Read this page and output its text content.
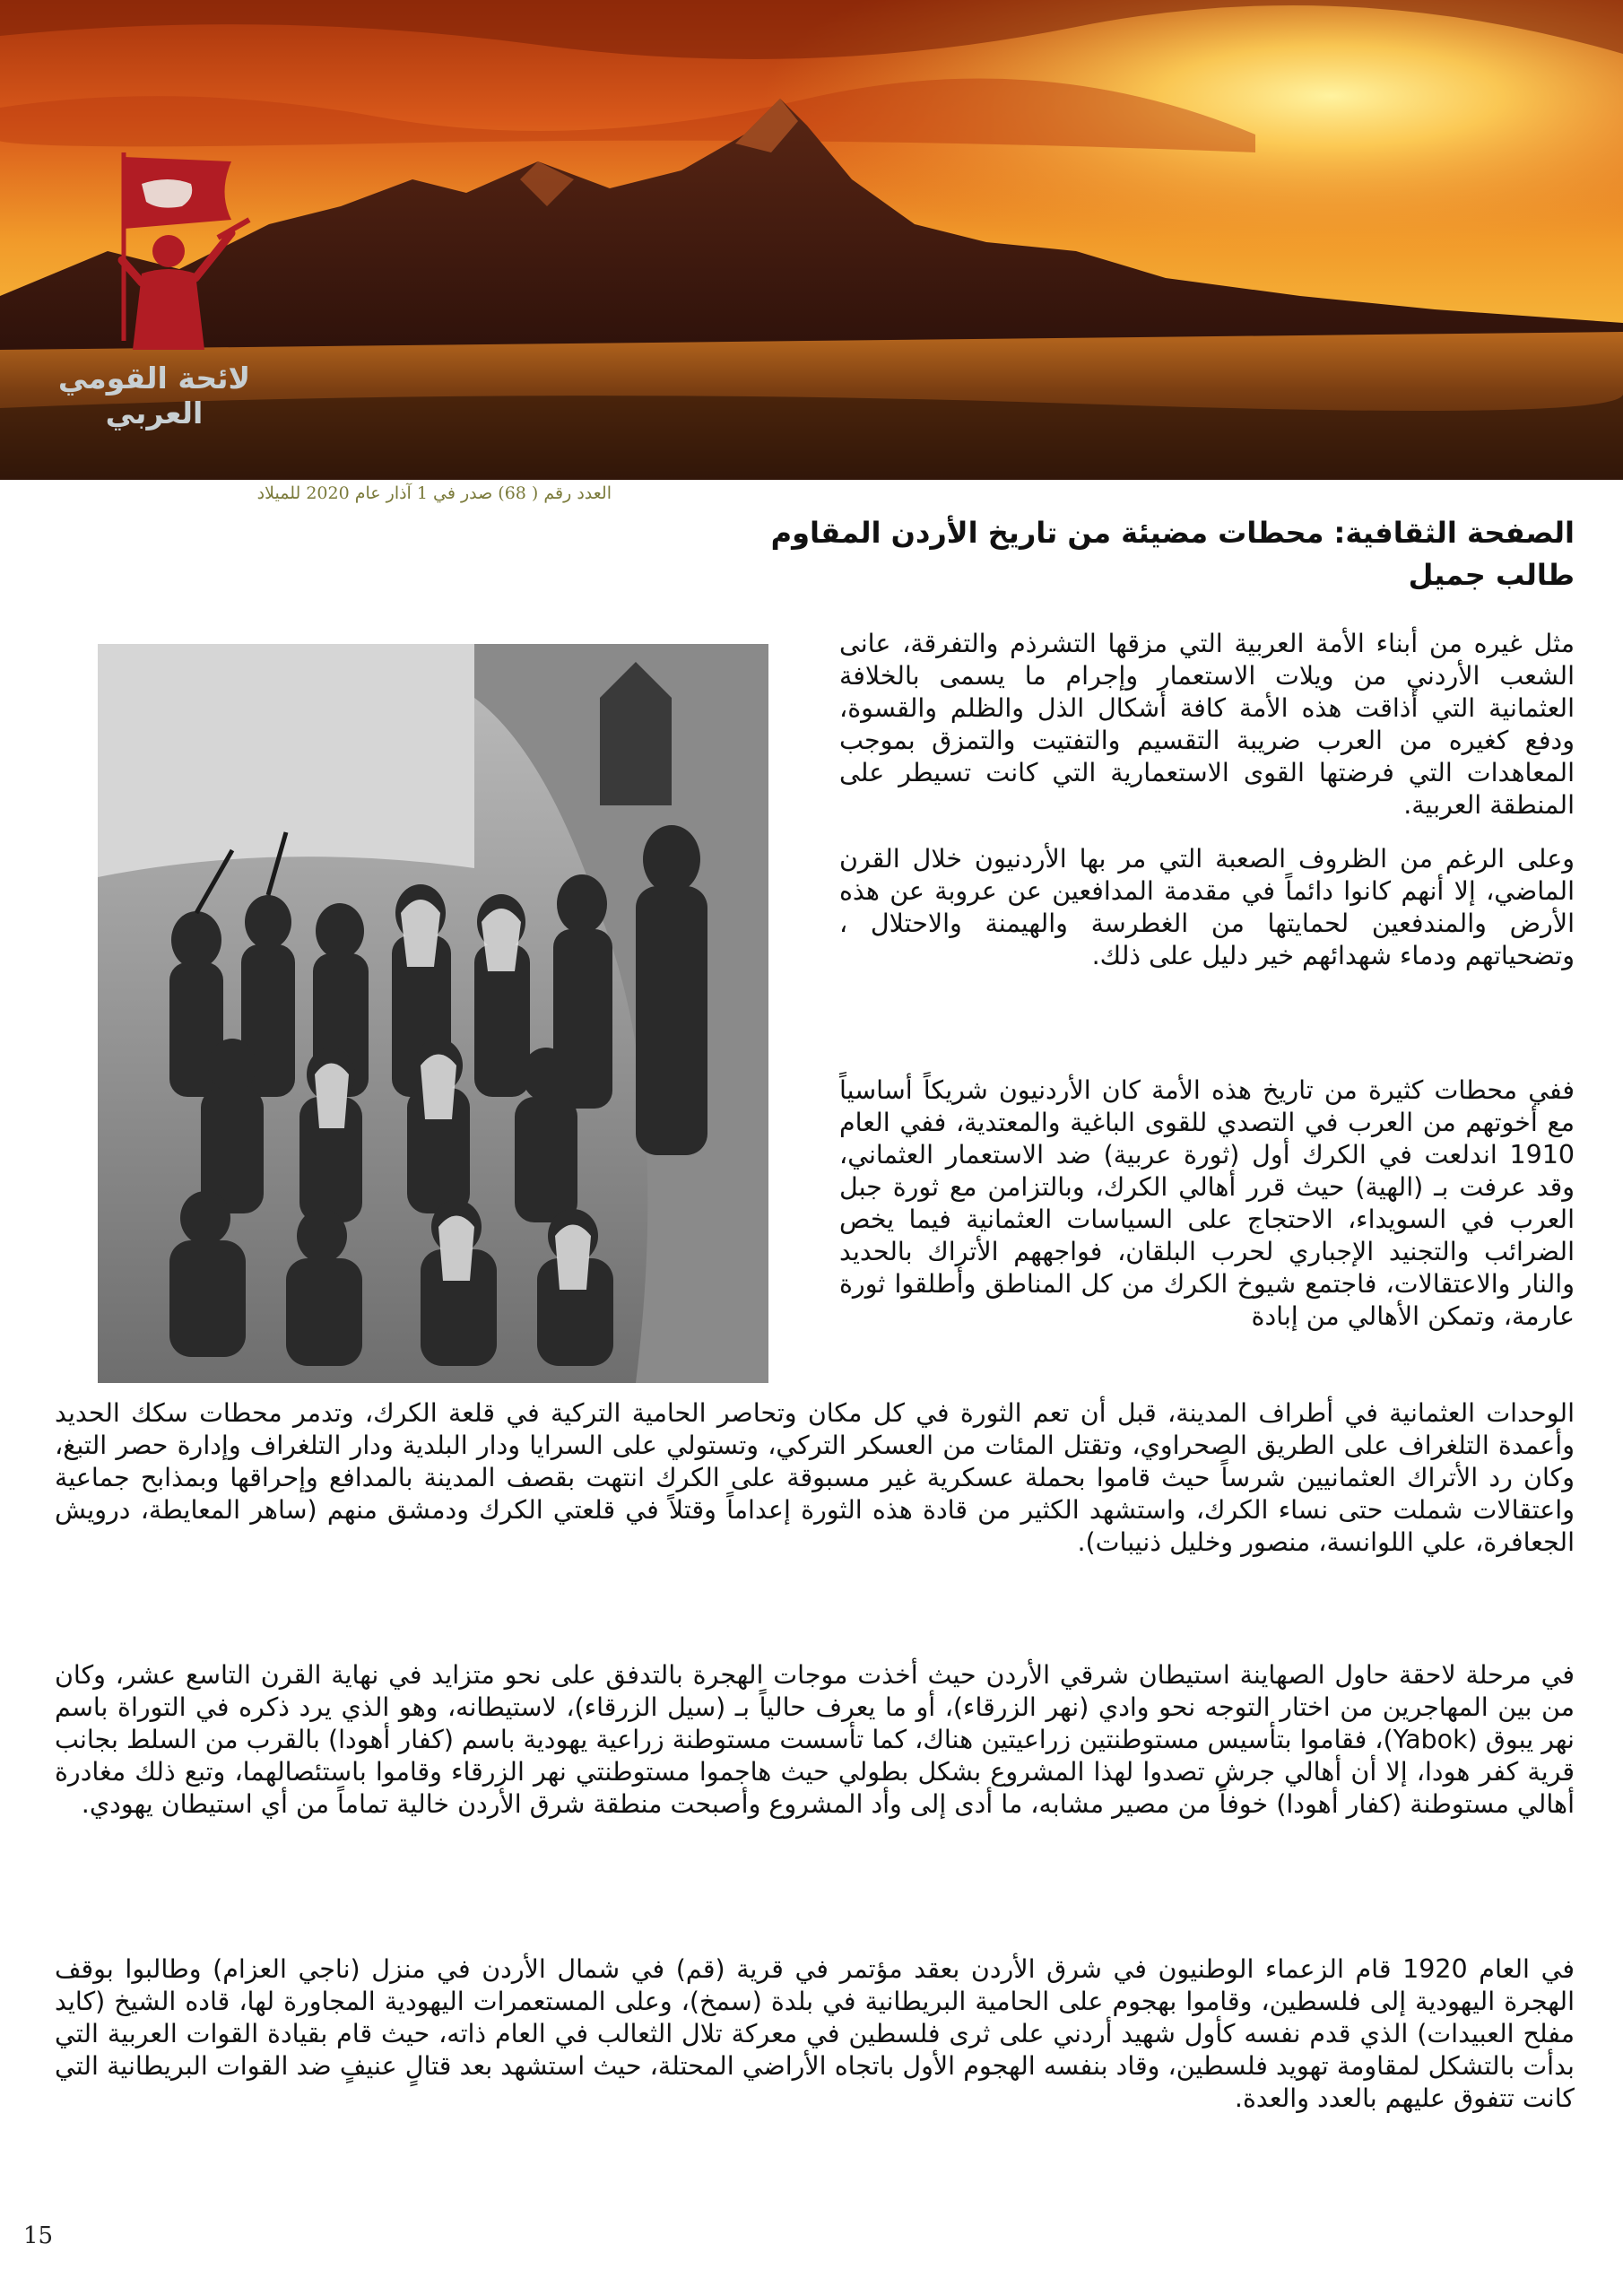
لائحة القومي العربي
العدد رقم ( 68) صدر في 1 آذار عام 2020 للميلاد
الصفحة الثقافية: محطات مضيئة من تاريخ الأردن المقاوم
طالب جميل

مثل غيره من أبناء الأمة العربية التي مزقها التشرذم والتفرقة، عانى الشعب الأردني من ويلات الاستعمار وإجرام ما يسمى بالخلافة العثمانية التي أذاقت هذه الأمة كافة أشكال الذل والظلم والقسوة، ودفع كغيره من العرب ضريبة التقسيم والتفتيت والتمزق بموجب المعاهدات التي فرضتها القوى الاستعمارية التي كانت تسيطر على المنطقة العربية.

وعلى الرغم من الظروف الصعبة التي مر بها الأردنيون خلال القرن الماضي، إلا أنهم كانوا دائماً في مقدمة المدافعين عن عروبة عن هذه الأرض والمندفعين لحمايتها من الغطرسة والهيمنة والاحتلال ، وتضحياتهم ودماء شهدائهم خير دليل على ذلك.

ففي محطات كثيرة من تاريخ هذه الأمة كان الأردنيون شريكاً أساسياً مع أخوتهم من العرب في التصدي للقوى الباغية والمعتدية، ففي العام 1910 اندلعت في الكرك أول (ثورة عربية) ضد الاستعمار العثماني، وقد عرفت بـ (الهية) حيث قرر أهالي الكرك، وبالتزامن مع ثورة جبل العرب في السويداء، الاحتجاج على السياسات العثمانية فيما يخص الضرائب والتجنيد الإجباري لحرب البلقان، فواجههم الأتراك بالحديد والنار والاعتقالات، فاجتمع شيوخ الكرك من كل المناطق وأطلقوا ثورة عارمة، وتمكن الأهالي من إبادة

الوحدات العثمانية في أطراف المدينة، قبل أن تعم الثورة في كل مكان وتحاصر الحامية التركية في قلعة الكرك، وتدمر محطات سكك الحديد وأعمدة التلغراف على الطريق الصحراوي، وتقتل المئات من العسكر التركي، وتستولي على السرايا ودار البلدية ودار التلغراف وإدارة حصر التبغ، وكان رد الأتراك العثمانيين شرساً حيث قاموا بحملة عسكرية غير مسبوقة على الكرك انتهت بقصف المدينة بالمدافع وإحراقها وبمذابح جماعية واعتقالات شملت حتى نساء الكرك، واستشهد الكثير من قادة هذه الثورة إعداماً وقتلاً في قلعتي الكرك ودمشق منهم (ساهر المعايطة، درويش الجعافرة، علي اللوانسة، منصور وخليل ذنيبات).

في مرحلة لاحقة حاول الصهاينة استيطان شرقي الأردن حيث أخذت موجات الهجرة بالتدفق على نحو متزايد في نهاية القرن التاسع عشر، وكان من بين المهاجرين من اختار التوجه نحو وادي (نهر الزرقاء)، أو ما يعرف حالياً بـ (سيل الزرقاء)، لاستيطانه، وهو الذي يرد ذكره في التوراة باسم نهر يبوق (Yabok)، فقاموا بتأسيس مستوطنتين زراعيتين هناك، كما تأسست مستوطنة زراعية يهودية باسم (كفار أهودا) بالقرب من السلط بجانب قرية كفر هودا، إلا أن أهالي جرش تصدوا لهذا المشروع بشكل بطولي حيث هاجموا مستوطنتي نهر الزرقاء وقاموا باستئصالهما، وتبع ذلك مغادرة أهالي مستوطنة (كفار أهودا) خوفاً من مصير مشابه، ما أدى إلى وأد المشروع وأصبحت منطقة شرق الأردن خالية تماماً من أي استيطان يهودي.

في العام 1920 قام الزعماء الوطنيون في شرق الأردن بعقد مؤتمر في قرية (قم) في شمال الأردن في منزل (ناجي العزام) وطالبوا بوقف الهجرة اليهودية إلى فلسطين، وقاموا بهجوم على الحامية البريطانية في بلدة (سمخ)، وعلى المستعمرات اليهودية المجاورة لها، قاده الشيخ (كايد مفلح العبيدات) الذي قدم نفسه كأول شهيد أردني على ثرى فلسطين في معركة تلال الثعالب في العام ذاته، حيث قام بقيادة القوات العربية التي بدأت بالتشكل لمقاومة تهويد فلسطين، وقاد بنفسه الهجوم الأول باتجاه الأراضي المحتلة، حيث استشهد بعد قتالٍ عنيفٍ ضد القوات البريطانية التي كانت تتفوق عليهم بالعدد والعدة.

15
